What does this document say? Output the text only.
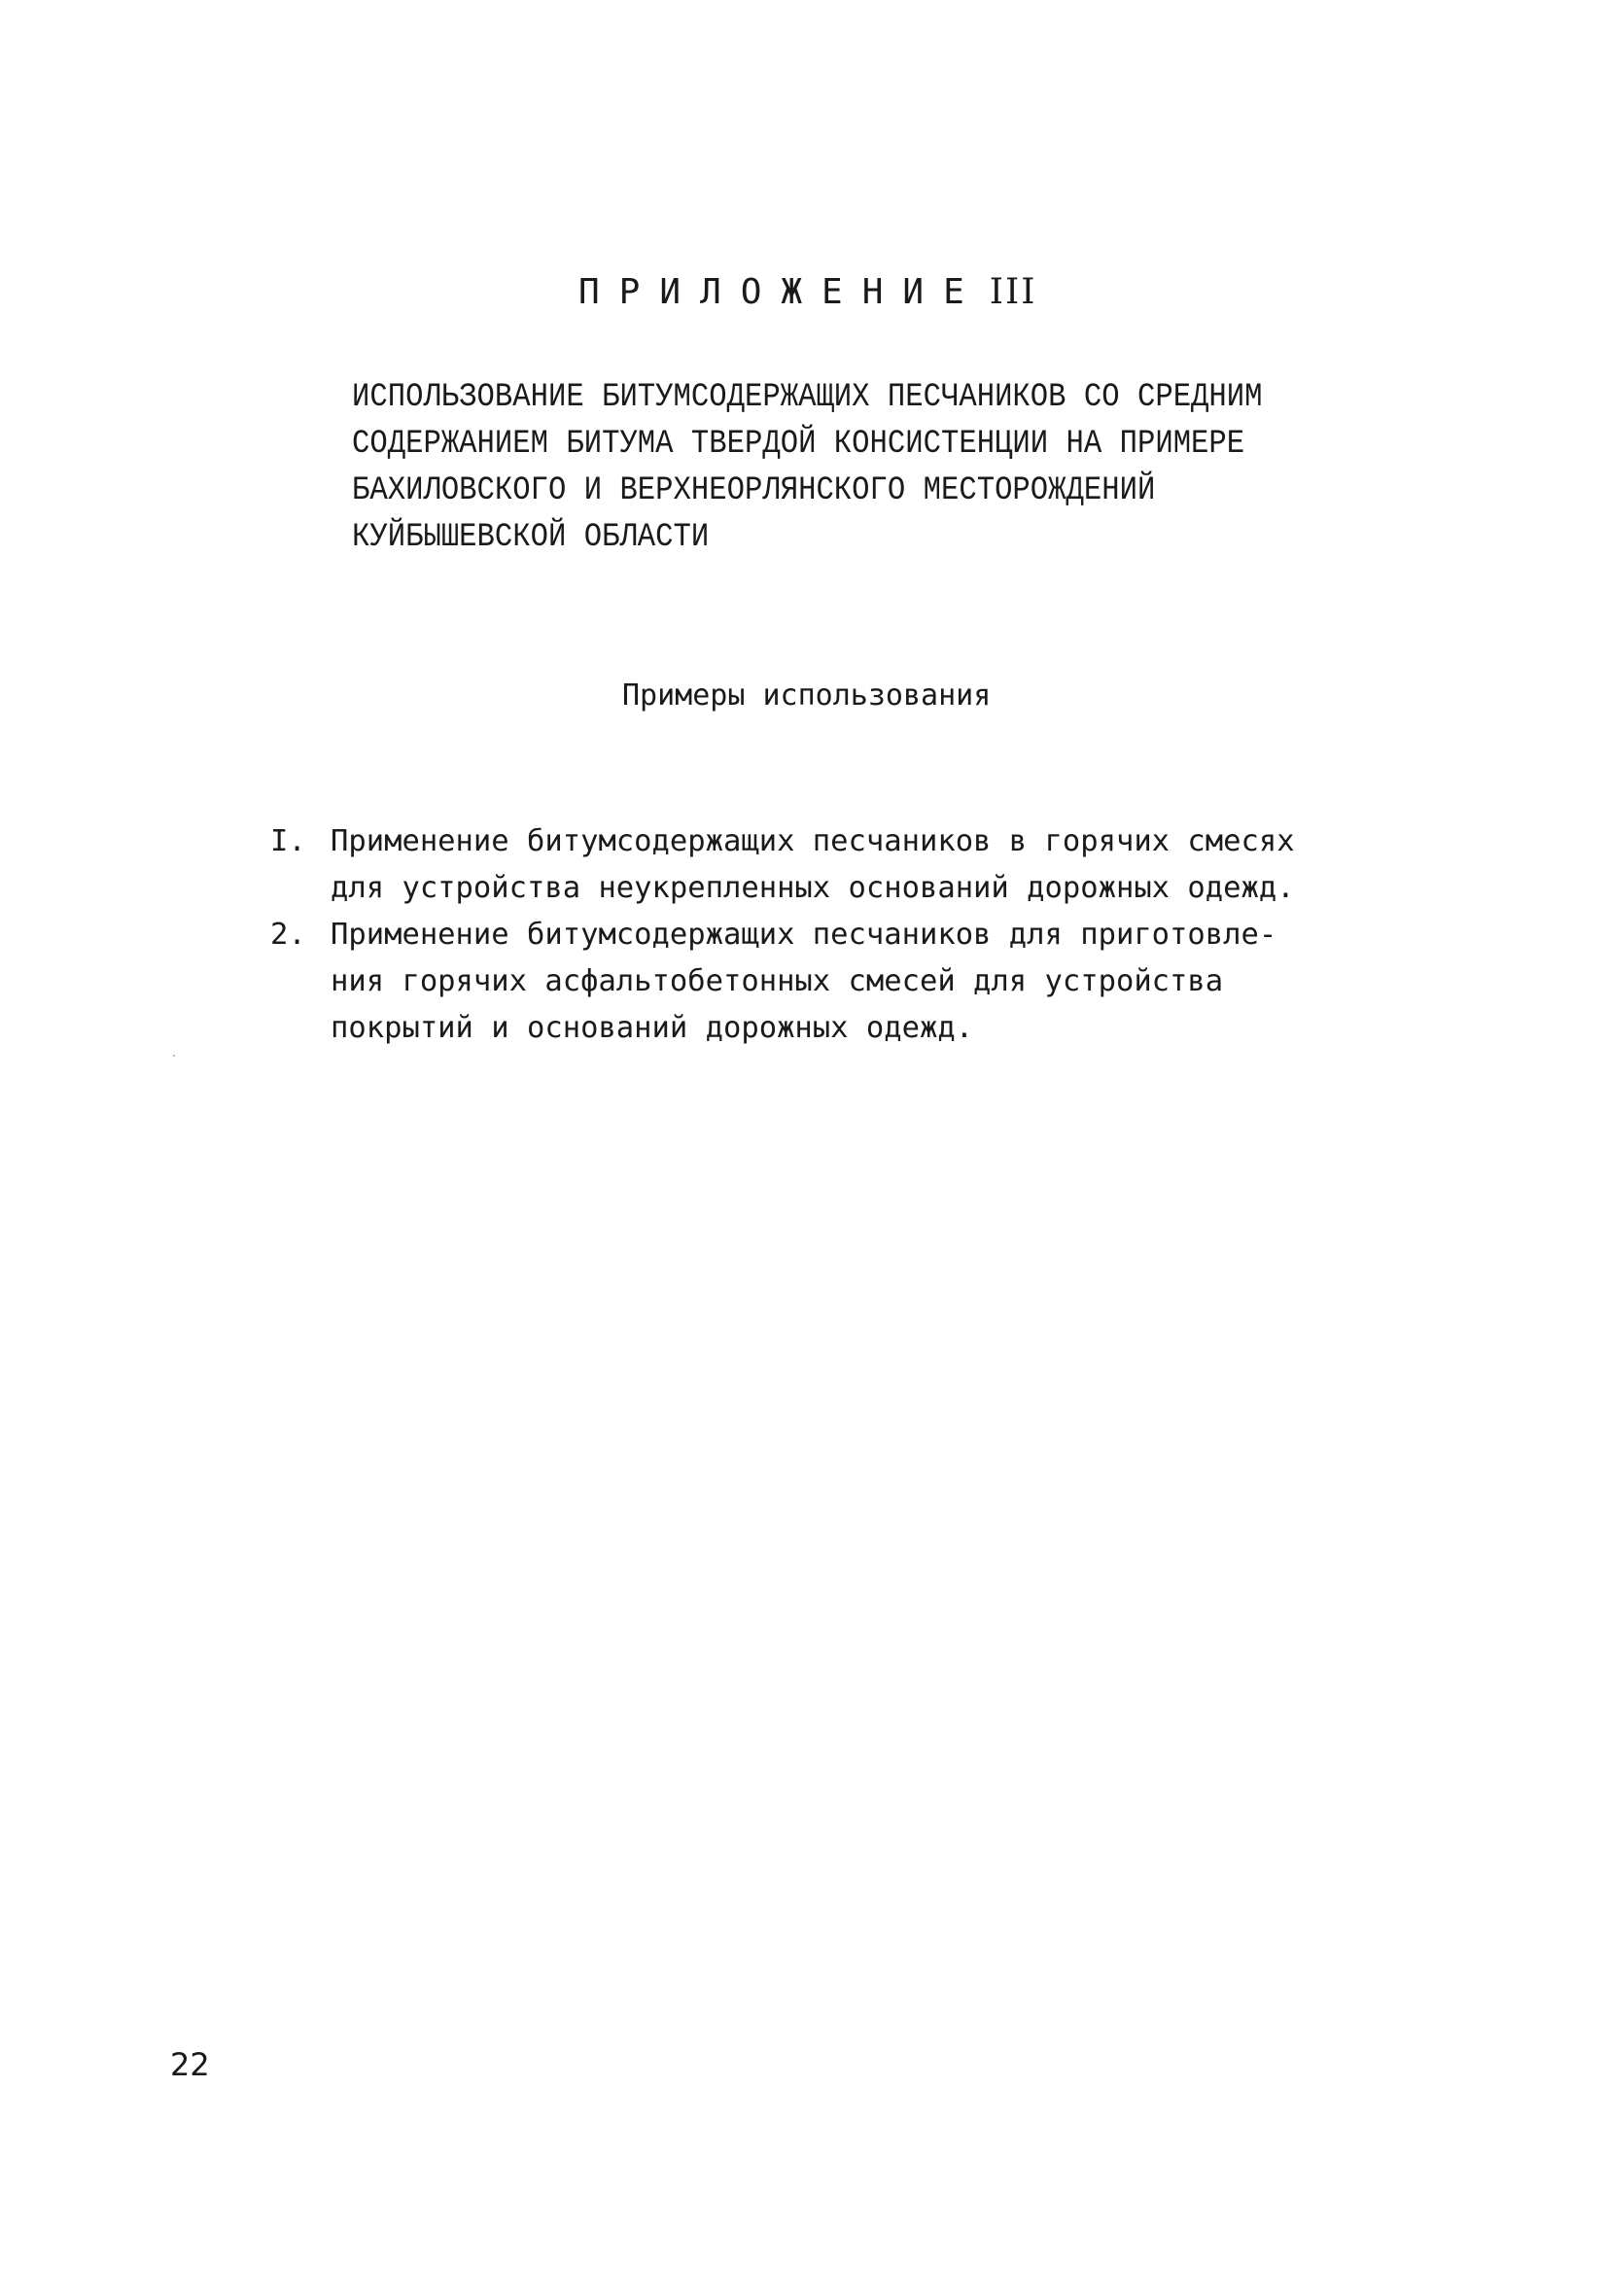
ПРИЛОЖЕНИЕ III
ИСПОЛЬЗОВАНИЕ БИТУМСОДЕРЖАЩИХ ПЕСЧАНИКОВ СО СРЕДНИМ
СОДЕРЖАНИЕМ БИТУМА ТВЕРДОЙ КОНСИСТЕНЦИИ НА ПРИМЕРЕ
БАХИЛОВСКОГО И ВЕРХНЕОРЛЯНСКОГО МЕСТОРОЖДЕНИЙ
КУЙБЫШЕВСКОЙ ОБЛАСТИ
Примеры использования
I. Применение битумсодержащих песчаников в горячих смесях
для устройства неукрепленных оснований дорожных одежд.
2. Применение битумсодержащих песчаников для приготовле-
ния горячих асфальтобетонных смесей для устройства
покрытий и оснований дорожных одежд.
22
